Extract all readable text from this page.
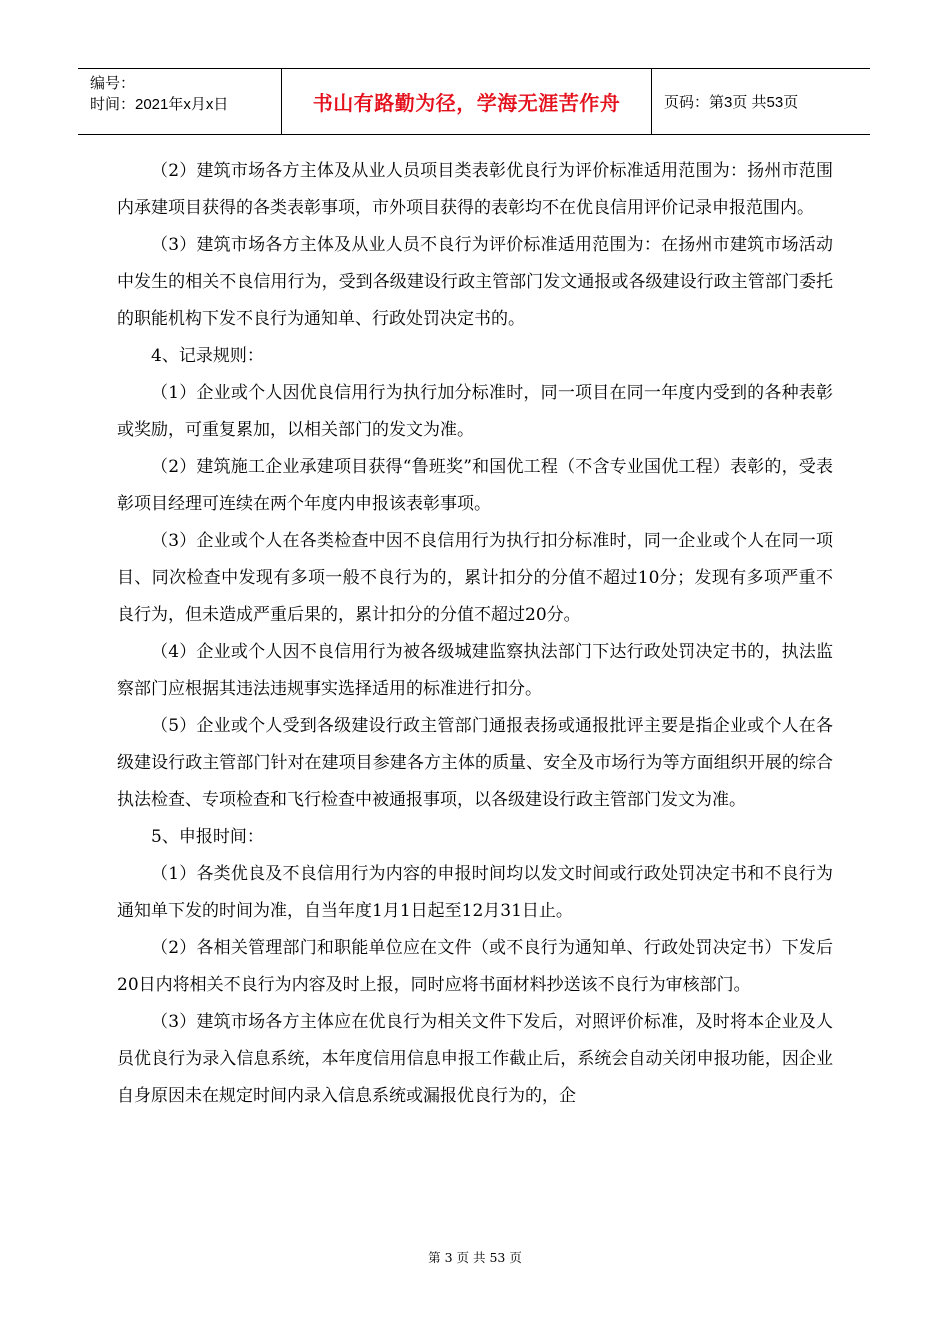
编号：
时间：2021年x月x日	书山有路勤为径，学海无涯苦作舟	页码：第3页 共53页

（2）建筑市场各方主体及从业人员项目类表彰优良行为评价标准适用范围为：扬州市范围内承建项目获得的各类表彰事项，市外项目获得的表彰均不在优良信用评价记录申报范围内。

（3）建筑市场各方主体及从业人员不良行为评价标准适用范围为：在扬州市建筑市场活动中发生的相关不良信用行为，受到各级建设行政主管部门发文通报或各级建设行政主管部门委托的职能机构下发不良行为通知单、行政处罚决定书的。

4、记录规则：

（1）企业或个人因优良信用行为执行加分标准时，同一项目在同一年度内受到的各种表彰或奖励，可重复累加，以相关部门的发文为准。

（2）建筑施工企业承建项目获得“鲁班奖”和国优工程（不含专业国优工程）表彰的，受表彰项目经理可连续在两个年度内申报该表彰事项。

（3）企业或个人在各类检查中因不良信用行为执行扣分标准时，同一企业或个人在同一项目、同次检查中发现有多项一般不良行为的，累计扣分的分值不超过10分；发现有多项严重不良行为，但未造成严重后果的，累计扣分的分值不超过20分。

（4）企业或个人因不良信用行为被各级城建监察执法部门下达行政处罚决定书的，执法监察部门应根据其违法违规事实选择适用的标准进行扣分。

（5）企业或个人受到各级建设行政主管部门通报表扬或通报批评主要是指企业或个人在各级建设行政主管部门针对在建项目参建各方主体的质量、安全及市场行为等方面组织开展的综合执法检查、专项检查和飞行检查中被通报事项，以各级建设行政主管部门发文为准。

5、申报时间：

（1）各类优良及不良信用行为内容的申报时间均以发文时间或行政处罚决定书和不良行为通知单下发的时间为准，自当年度1月1日起至12月31日止。

（2）各相关管理部门和职能单位应在文件（或不良行为通知单、行政处罚决定书）下发后20日内将相关不良行为内容及时上报，同时应将书面材料抄送该不良行为审核部门。

（3）建筑市场各方主体应在优良行为相关文件下发后，对照评价标准，及时将本企业及人员优良行为录入信息系统，本年度信用信息申报工作截止后，系统会自动关闭申报功能，因企业自身原因未在规定时间内录入信息系统或漏报优良行为的，企

第 3 页 共 53 页
